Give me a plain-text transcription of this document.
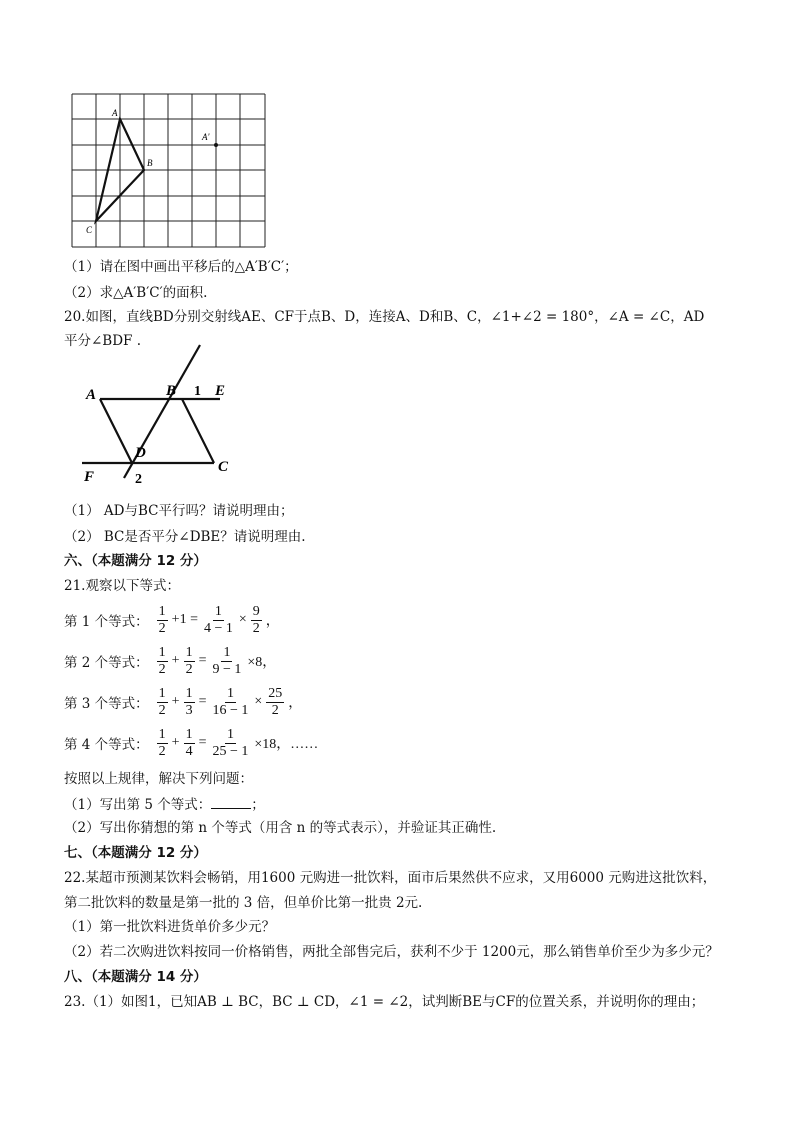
A
B
C
A'
（1）请在图中画出平移后的△A′B′C′；
（2）求△A′B′C′的面积.
20.如图，直线BD分别交射线AE、CF于点B、D，连接A、D和B、C，∠1+∠2 = 180°，∠A = ∠C，AD
平分∠BDF .
A	B 1 E
D
F	2
C
（1） AD与BC平行吗？请说明理由；
（2） BC是否平分∠DBE？请说明理由.
六、（本题满分 12 分）
21.观察以下等式：
第 1 个等式： $\frac{1}{2} +1 = \frac{1}{4 - 1} \times \frac{9}{2}$ ，
第 2 个等式： $\frac{1}{2} + \frac{1}{2} = \frac{1}{9 - 1} \times 8$，
第 3 个等式： $\frac{1}{2} + \frac{1}{3} = \frac{1}{16 - 1} \times \frac{25}{2}$ ，
第 4 个等式： $\frac{1}{2} + \frac{1}{4} = \frac{1}{25 - 1} \times 18$，……
按照以上规律，解决下列问题：
（1）写出第 5 个等式：	；
（2）写出你猜想的第 n 个等式（用含 n 的等式表示），并验证其正确性.
七、（本题满分 12 分）
22.某超市预测某饮料会畅销，用1600 元购进一批饮料，面市后果然供不应求，又用6000 元购进这批饮料，
第二批饮料的数量是第一批的 3 倍，但单价比第一批贵 2元.
（1）第一批饮料进货单价多少元？
（2）若二次购进饮料按同一价格销售，两批全部售完后，获利不少于 1200元，那么销售单价至少为多少元？
八、（本题满分 14 分）
23.（1）如图1，已知AB ⊥ BC，BC ⊥ CD，∠1 = ∠2，试判断BE与CF的位置关系，并说明你的理由；
